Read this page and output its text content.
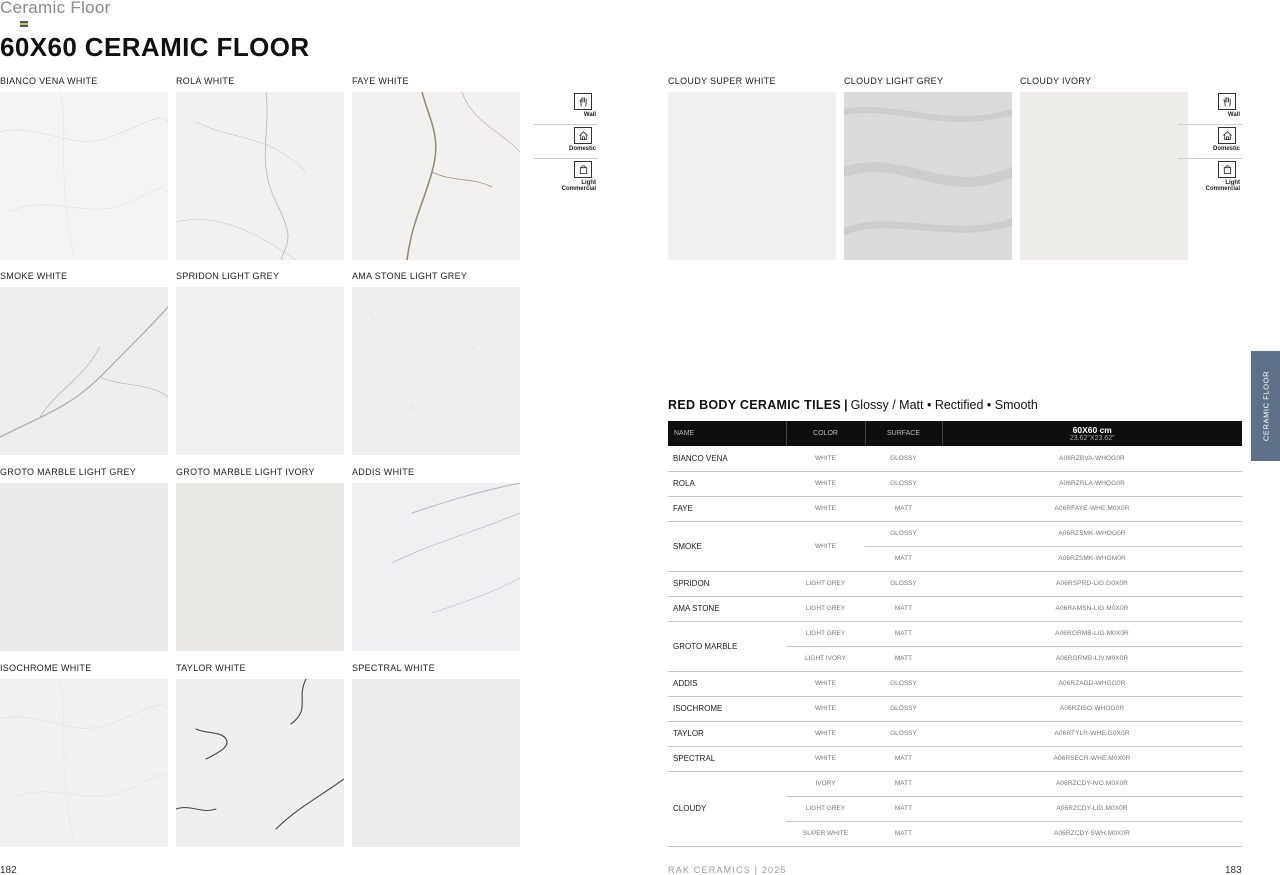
Ceramic Floor
60X60 CERAMIC FLOOR
BIANCO VENA WHITE	ROLA WHITE	FAYE WHITE
SMOKE WHITE	SPRIDON LIGHT GREY	AMA STONE LIGHT GREY
GROTO MARBLE LIGHT GREY	GROTO MARBLE LIGHT IVORY	ADDIS WHITE
ISOCHROME WHITE	TAYLOR WHITE	SPECTRAL WHITE
CLOUDY SUPER WHITE	CLOUDY LIGHT GREY	CLOUDY IVORY
Wall
Domestic
Light
Commercial
Wall
Domestic
Light
Commercial
RED BODY CERAMIC TILES | Glossy / Matt • Rectified • Smooth
NAME	COLOR	SURFACE	60X60 cm
23.62"X23.62"

BIANCO VENA	WHITE	GLOSSY	A06RZBVA-WHOG0R
ROLA	WHITE	GLOSSY	A06RZRLA-WHOG0R
FAYE	WHITE	MATT	A06RFAYE-WHE.M0X0R
SMOKE	WHITE	GLOSSY	A06RZSMK-WHOG0R
		MATT	A06RZSMK-WHGM0R
SPRIDON	LIGHT GREY	GLOSSY	A06RSPRD-LIG.G0X0R
AMA STONE	LIGHT GREY	MATT	A06RAMSN-LIG.M0X0R
GROTO MARBLE	LIGHT GREY	MATT	A06RGRMB-LIG.M0X0R
	LIGHT IVORY	MATT	A06RGRMB-LIV.M0X0R
ADDIS	WHITE	GLOSSY	A06RZADD-WHGG0R
ISOCHROME	WHITE	GLOSSY	A06RZISO-WHOG0R
TAYLOR	WHITE	GLOSSY	A06RTYLR-WHE.G0X0R
SPECTRAL	WHITE	MATT	A06RSECR-WHE.M0X0R
CLOUDY	IVORY	MATT	A06RZCDY-IVO.M0X0R
	LIGHT GREY	MATT	A06RZCDY-LIG.M0X0R
	SUPER WHITE	MATT	A06RZCDY-SWH.M0X0R
CERAMIC FLOOR
182	RAK CERAMICS | 2025	183
